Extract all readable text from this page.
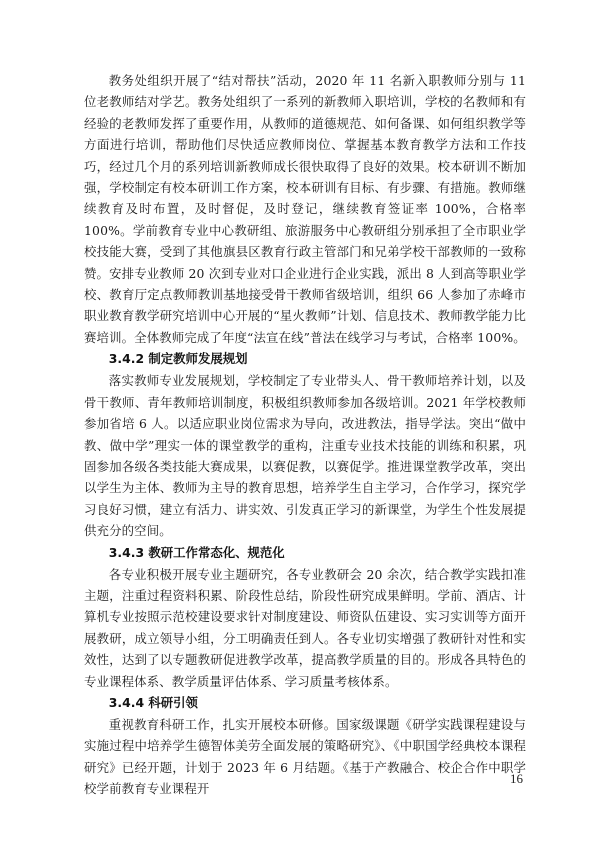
教务处组织开展了“结对帮扶”活动，2020 年 11 名新入职教师分别与 11 位老教师结对学艺。教务处组织了一系列的新教师入职培训，学校的名教师和有经验的老教师发挥了重要作用，从教师的道德规范、如何备课、如何组织教学等方面进行培训，帮助他们尽快适应教师岗位、掌握基本教育教学方法和工作技巧，经过几个月的系列培训新教师成长很快取得了良好的效果。校本研训不断加强，学校制定有校本研训工作方案，校本研训有目标、有步骤、有措施。教师继续教育及时布置，及时督促，及时登记，继续教育签证率 100%，合格率 100%。学前教育专业中心教研组、旅游服务中心教研组分别承担了全市职业学校技能大赛，受到了其他旗县区教育行政主管部门和兄弟学校干部教师的一致称赞。安排专业教师 20 次到专业对口企业进行企业实践，派出 8 人到高等职业学校、教育厅定点教师教训基地接受骨干教师省级培训，组织 66 人参加了赤峰市职业教育教学研究培训中心开展的“星火教师”计划、信息技术、教师教学能力比赛培训。全体教师完成了年度“法宣在线”普法在线学习与考试，合格率 100%。

3.4.2 制定教师发展规划

落实教师专业发展规划，学校制定了专业带头人、骨干教师培养计划，以及骨干教师、青年教师培训制度，积极组织教师参加各级培训。2021 年学校教师参加省培 6 人。以适应职业岗位需求为导向，改进教法，指导学法。突出“做中教、做中学”理实一体的课堂教学的重构，注重专业技术技能的训练和积累，巩固参加各级各类技能大赛成果，以赛促教，以赛促学。推进课堂教学改革，突出以学生为主体、教师为主导的教育思想，培养学生自主学习，合作学习，探究学习良好习惯，建立有活力、讲实效、引发真正学习的新课堂，为学生个性发展提供充分的空间。

3.4.3 教研工作常态化、规范化

各专业积极开展专业主题研究，各专业教研会 20 余次，结合教学实践扣准主题，注重过程资料积累、阶段性总结，阶段性研究成果鲜明。学前、酒店、计算机专业按照示范校建设要求针对制度建设、师资队伍建设、实习实训等方面开展教研，成立领导小组，分工明确责任到人。各专业切实增强了教研针对性和实效性，达到了以专题教研促进教学改革，提高教学质量的目的。形成各具特色的专业课程体系、教学质量评估体系、学习质量考核体系。

3.4.4 科研引领

重视教育科研工作，扎实开展校本研修。国家级课题《研学实践课程建设与实施过程中培养学生德智体美劳全面发展的策略研究》、《中职国学经典校本课程研究》已经开题，计划于 2023 年 6 月结题。《基于产教融合、校企合作中职学校学前教育专业课程开

16
